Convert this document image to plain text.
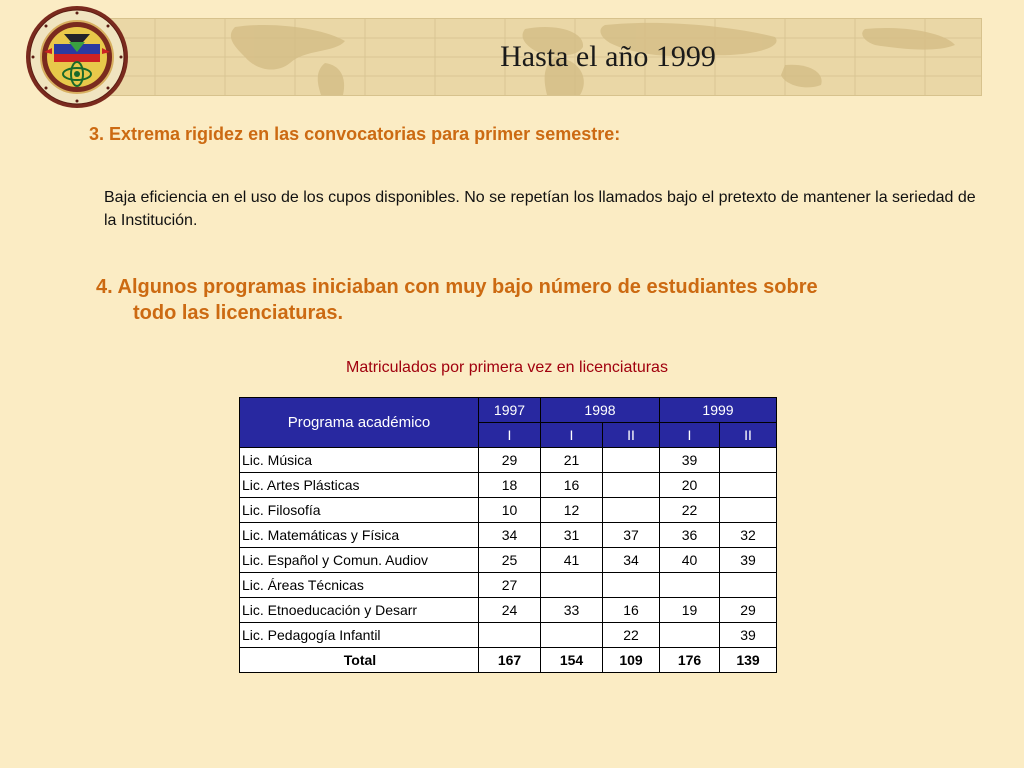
Hasta el año 1999
3. Extrema rigidez en las convocatorias para primer semestre:
Baja eficiencia en el uso de los cupos disponibles. No se repetían los llamados bajo el pretexto de mantener la seriedad de la Institución.
4. Algunos programas iniciaban con muy bajo número de estudiantes sobre
todo las licenciaturas.
Matriculados por primera vez en licenciaturas
Programa académico	1997	1998		1999	
	I	I	II	I	II
Lic. Música	29	21		39	
Lic. Artes Plásticas	18	16		20	
Lic. Filosofía	10	12		22	
Lic. Matemáticas y Física	34	31	37	36	32
Lic. Español y Comun. Audiov	25	41	34	40	39
Lic. Áreas Técnicas	27				
Lic. Etnoeducación y Desarr	24	33	16	19	29
Lic. Pedagogía Infantil			22		39
Total	167	154	109	176	139
